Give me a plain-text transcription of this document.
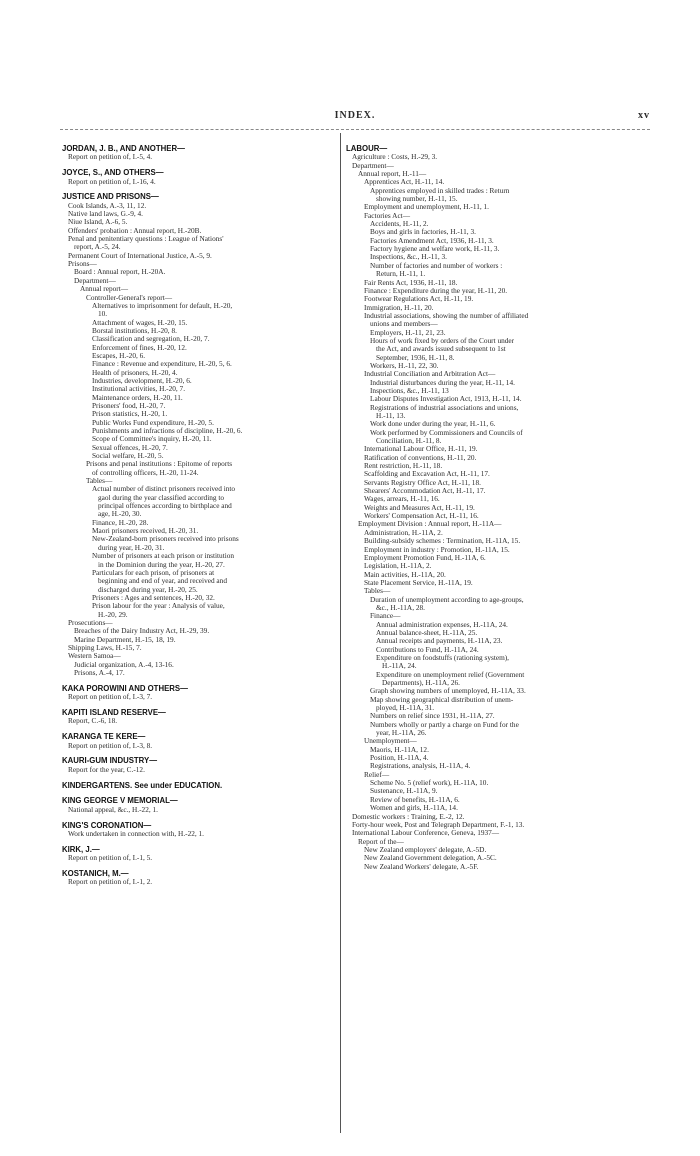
INDEX.	xv
JORDAN, J. B., AND ANOTHER—
Report on petition of, I.-5, 4.
JOYCE, S., AND OTHERS—
Report on petition of, I.-16, 4.
JUSTICE AND PRISONS—
Cook Islands, A.-3, 11, 12.
Native land laws, G.-9, 4.
Niue Island, A.-6, 5.
Offenders' probation : Annual report, H.-20B.
Penal and penitentiary questions : League of Nations'
report, A.-5, 24.
Permanent Court of International Justice, A.-5, 9.
Prisons—
Board : Annual report, H.-20A.
Department—
Annual report—
Controller-General's report—
Alternatives to imprisonment for default, H.-20,
10.
Attachment of wages, H.-20, 15.
Borstal institutions, H.-20, 8.
Classification and segregation, H.-20, 7.
Enforcement of fines, H.-20, 12.
Escapes, H.-20, 6.
Finance : Revenue and expenditure, H.-20, 5, 6.
Health of prisoners, H.-20, 4.
Industries, development, H.-20, 6.
Institutional activities, H.-20, 7.
Maintenance orders, H.-20, 11.
Prisoners' food, H.-20, 7.
Prison statistics, H.-20, 1.
Public Works Fund expenditure, H.-20, 5.
Punishments and infractions of discipline, H.-20, 6.
Scope of Committee's inquiry, H.-20, 11.
Sexual offences, H.-20, 7.
Social welfare, H.-20, 5.
Prisons and penal institutions : Epitome of reports
of controlling officers, H.-20, 11-24.
Tables—
Actual number of distinct prisoners received into
gaol during the year classified according to
principal offences according to birthplace and
age, H.-20, 30.
Finance, H.-20, 28.
Maori prisoners received, H.-20, 31.
New-Zealand-born prisoners received into prisons
during year, H.-20, 31.
Number of prisoners at each prison or institution
in the Dominion during the year, H.-20, 27.
Particulars for each prison, of prisoners at
beginning and end of year, and received and
discharged during year, H.-20, 25.
Prisoners : Ages and sentences, H.-20, 32.
Prison labour for the year : Analysis of value,
H.-20, 29.
Prosecutions—
Breaches of the Dairy Industry Act, H.-29, 39.
Marine Department, H.-15, 18, 19.
Shipping Laws, H.-15, 7.
Western Samoa—
Judicial organization, A.-4, 13-16.
Prisons, A.-4, 17.
KAKA POROWINI AND OTHERS—
Report on petition of, I.-3, 7.
KAPITI ISLAND RESERVE—
Report, C.-6, 18.
KARANGA TE KERE—
Report on petition of, I.-3, 8.
KAURI-GUM INDUSTRY—
Report for the year, C.-12.
KINDERGARTENS. See under EDUCATION.
KING GEORGE V MEMORIAL—
National appeal, &c., H.-22, 1.
KING'S CORONATION—
Work undertaken in connection with, H.-22, 1.
KIRK, J.—
Report on petition of, I.-1, 5.
KOSTANICH, M.—
Report on petition of, I.-1, 2.
LABOUR—
Agriculture : Costs, H.-29, 3.
Department—
Annual report, H.-11—
Apprentices Act, H.-11, 14.
Apprentices employed in skilled trades : Return
showing number, H.-11, 15.
Employment and unemployment, H.-11, 1.
Factories Act—
Accidents, H.-11, 2.
Boys and girls in factories, H.-11, 3.
Factories Amendment Act, 1936, H.-11, 3.
Factory hygiene and welfare work, H.-11, 3.
Inspections, &c., H.-11, 3.
Number of factories and number of workers :
Return, H.-11, 1.
Fair Rents Act, 1936, H.-11, 18.
Finance : Expenditure during the year, H.-11, 20.
Footwear Regulations Act, H.-11, 19.
Immigration, H.-11, 20.
Industrial associations, showing the number of affiliated
unions and members—
Employers, H.-11, 21, 23.
Hours of work fixed by orders of the Court under
the Act, and awards issued subsequent to 1st
September, 1936, H.-11, 8.
Workers, H.-11, 22, 30.
Industrial Conciliation and Arbitration Act—
Industrial disturbances during the year, H.-11, 14.
Inspections, &c., H.-11, 13
Labour Disputes Investigation Act, 1913, H.-11, 14.
Registrations of industrial associations and unions,
H.-11, 13.
Work done under during the year, H.-11, 6.
Work performed by Commissioners and Councils of
Conciliation, H.-11, 8.
International Labour Office, H.-11, 19.
Ratification of conventions, H.-11, 20.
Rent restriction, H.-11, 18.
Scaffolding and Excavation Act, H.-11, 17.
Servants Registry Office Act, H.-11, 18.
Shearers' Accommodation Act, H.-11, 17.
Wages, arrears, H.-11, 16.
Weights and Measures Act, H.-11, 19.
Workers' Compensation Act, H.-11, 16.
Employment Division : Annual report, H.-11A—
Administration, H.-11A, 2.
Building-subsidy schemes : Termination, H.-11A, 15.
Employment in industry : Promotion, H.-11A, 15.
Employment Promotion Fund, H.-11A, 6.
Legislation, H.-11A, 2.
Main activities, H.-11A, 20.
State Placement Service, H.-11A, 19.
Tables—
Duration of unemployment according to age-groups,
&c., H.-11A, 28.
Finance—
Annual administration expenses, H.-11A, 24.
Annual balance-sheet, H.-11A, 25.
Annual receipts and payments, H.-11A, 23.
Contributions to Fund, H.-11A, 24.
Expenditure on foodstuffs (rationing system),
H.-11A, 24.
Expenditure on unemployment relief (Government
Departments), H.-11A, 26.
Graph showing numbers of unemployed, H.-11A, 33.
Map showing geographical distribution of unem-
ployed, H.-11A, 31.
Numbers on relief since 1931, H.-11A, 27.
Numbers wholly or partly a charge on Fund for the
year, H.-11A, 26.
Unemployment—
Maoris, H.-11A, 12.
Position, H.-11A, 4.
Registrations, analysis, H.-11A, 4.
Relief—
Scheme No. 5 (relief work), H.-11A, 10.
Sustenance, H.-11A, 9.
Review of benefits, H.-11A, 6.
Women and girls, H.-11A, 14.
Domestic workers : Training, E.-2, 12.
Forty-hour week, Post and Telegraph Department, F.-1, 13.
International Labour Conference, Geneva, 1937—
Report of the—
New Zealand employers' delegate, A.-5D.
New Zealand Government delegation, A.-5C.
New Zealand Workers' delegate, A.-5F.
